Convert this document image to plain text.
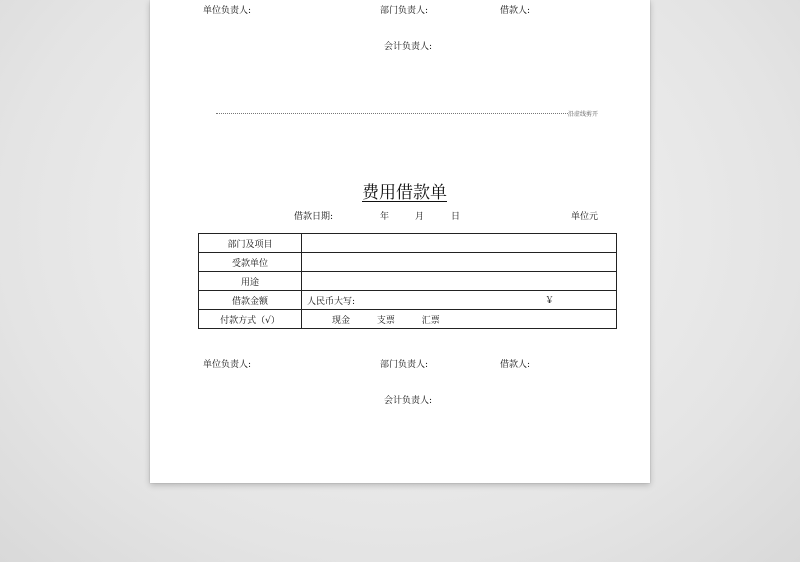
单位负责人:	部门负责人:	借款人:
会计负责人:
沿虚线剪开
费用借款单
借款日期:	年	月	日	单位元
部门及项目	
受款单位	
用途	
借款金额	人民币大写: ￥

付款方式（√）	现金 支票 汇票
单位负责人:	部门负责人:	借款人:
会计负责人:
